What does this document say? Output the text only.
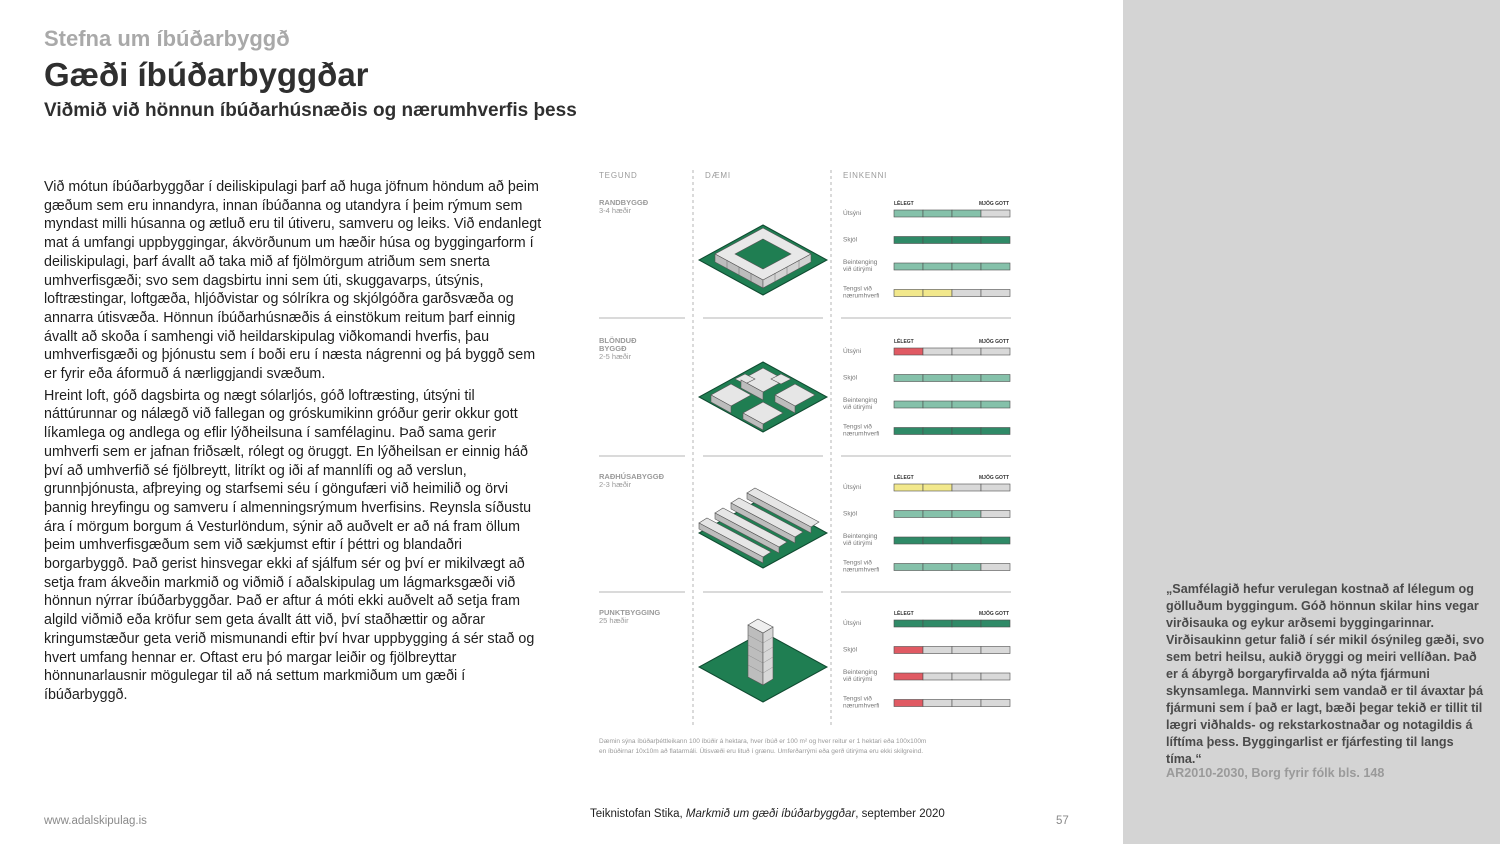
Stefna um íbúðarbyggð
Gæði íbúðarbyggðar
Viðmið við hönnun íbúðarhúsnæðis og nærumhverfis þess

Við mótun íbúðarbyggðar í deiliskipulagi þarf að huga jöfnum höndum að þeim gæðum sem eru innandyra, innan íbúðanna og utandyra í þeim rýmum sem myndast milli húsanna og ætluð eru til útiveru, samveru og leiks. Við endanlegt mat á umfangi uppbyggingar, ákvörðunum um hæðir húsa og byggingarform í deiliskipulagi, þarf ávallt að taka mið af fjölmörgum atriðum sem snerta umhverfisgæði; svo sem dagsbirtu inni sem úti, skuggavarps, útsýnis, loftræstingar, loftgæða, hljóðvistar og sólríkra og skjólgóðra garðsvæða og annarra útisvæða. Hönnun íbúðarhúsnæðis á einstökum reitum þarf einnig ávallt að skoða í samhengi við heildarskipulag viðkomandi hverfis, þau umhverfisgæði og þjónustu sem í boði eru í næsta nágrenni og þá byggð sem er fyrir eða áformuð á nærliggjandi svæðum.

Hreint loft, góð dagsbirta og nægt sólarljós, góð loftræsting, útsýni til náttúrunnar og nálægð við fallegan og gróskumikinn gróður gerir okkur gott líkamlega og andlega og eflir lýðheilsuna í samfélaginu. Það sama gerir umhverfi sem er jafnan friðsælt, rólegt og öruggt. En lýðheilsan er einnig háð því að umhverfið sé fjölbreytt, litríkt og iði af mannlífi og að verslun, grunnþjónusta, afþreying og starfsemi séu í göngufæri við heimilið og örvi þannig hreyfingu og samveru í almenningsrýmum hverfisins. Reynsla síðustu ára í mörgum borgum á Vesturlöndum, sýnir að auðvelt er að ná fram öllum þeim umhverfisgæðum sem við sækjumst eftir í þéttri og blandaðri borgarbyggð. Það gerist hinsvegar ekki af sjálfum sér og því er mikilvægt að setja fram ákveðin markmið og viðmið í aðalskipulag um lágmarksgæði við hönnun nýrrar íbúðarbyggðar. Það er aftur á móti ekki auðvelt að setja fram algild viðmið eða kröfur sem geta ávallt átt við, því staðhættir og aðrar kringumstæður geta verið mismunandi eftir því hvar uppbygging á sér stað og hvert umfang hennar er. Oftast eru þó margar leiðir og fjölbreyttar hönnunarlausnir mögulegar til að ná settum markmiðum um gæði í íbúðarbyggð.

TEGUND	DÆMI	EINKENNI
RANDBYGGÐ
3-4 hæðir
LÉLEGT	MJÖG GOTT
Útsýni
Skjól
Beintenging við útirými
Tengsl við nærumhverfi
BLÖNDUÐ BYGGÐ
2-5 hæðir
LÉLEGT	MJÖG GOTT
Útsýni
Skjól
Beintenging við útirými
Tengsl við nærumhverfi
RAÐHÚSABYGGÐ
2-3 hæðir
LÉLEGT	MJÖG GOTT
Útsýni
Skjól
Beintenging við útirými
Tengsl við nærumhverfi
PUNKTBYGGING
25 hæðir
LÉLEGT	MJÖG GOTT
Útsýni
Skjól
Beintenging við útirými
Tengsl við nærumhverfi
Dæmin sýna íbúðarþéttleikann 100 íbúðir á hektara, hver íbúð er 100 m² og hver reitur er 1 hektari eða 100x100m
en íbúðirnar 10x10m að flatarmáli. Útisvæði eru lituð í grænu. Umferðarrými eða gerð útirýma eru ekki skilgreind.
„Samfélagið hefur verulegan kostnað af lélegum og gölluðum byggingum. Góð hönnun skilar hins vegar virðisauka og eykur arðsemi byggingarinnar. Virðisaukinn getur falið í sér mikil ósýnileg gæði, svo sem betri heilsu, aukið öryggi og meiri vellíðan. Það er á ábyrgð borgaryfirvalda að nýta fjármuni skynsamlega. Mannvirki sem vandað er til ávaxtar þá fjármuni sem í það er lagt, bæði þegar tekið er tillit til lægri viðhalds- og rekstarkostnaðar og notagildis á líftíma þess. Byggingarlist er fjárfesting til langs tíma.“
AR2010-2030, Borg fyrir fólk bls. 148
www.adalskipulag.is
Teiknistofan Stika, Markmið um gæði íbúðarbyggðar, september 2020
57
